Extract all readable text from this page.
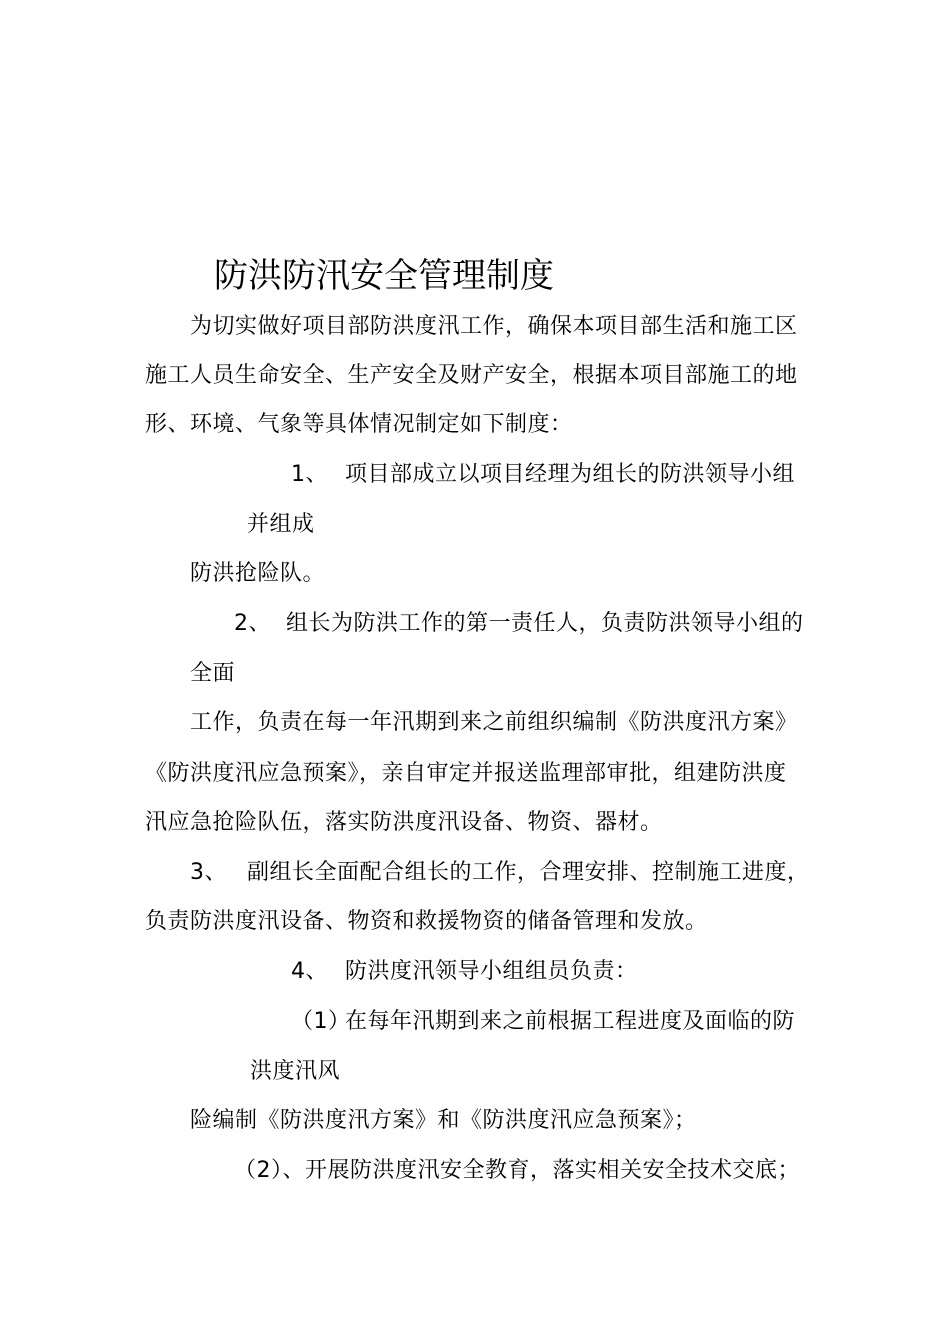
防洪防汛安全管理制度
为切实做好项目部防洪度汛工作，确保本项目部生活和施工区
施工人员生命安全、生产安全及财产安全，根据本项目部施工的地
形、环境、气象等具体情况制定如下制度：
1、 项目部成立以项目经理为组长的防洪领导小组
并组成
防洪抢险队。
2、 组长为防洪工作的第一责任人，负责防洪领导小组的
全面
工作，负责在每一年汛期到来之前组织编制《防洪度汛方案》
《防洪度汛应急预案》，亲自审定并报送监理部审批，组建防洪度
汛应急抢险队伍，落实防洪度汛设备、物资、器材。
3、 副组长全面配合组长的工作，合理安排、控制施工进度，
负责防洪度汛设备、物资和救援物资的储备管理和发放。
4、 防洪度汛领导小组组员负责：
（1）
在每年汛期到来之前根据工程进度及面临的防
洪度汛风
险编制《防洪度汛方案》和《防洪度汛应急预案》；
（2）、开展防洪度汛安全教育，落实相关安全技术交底；
